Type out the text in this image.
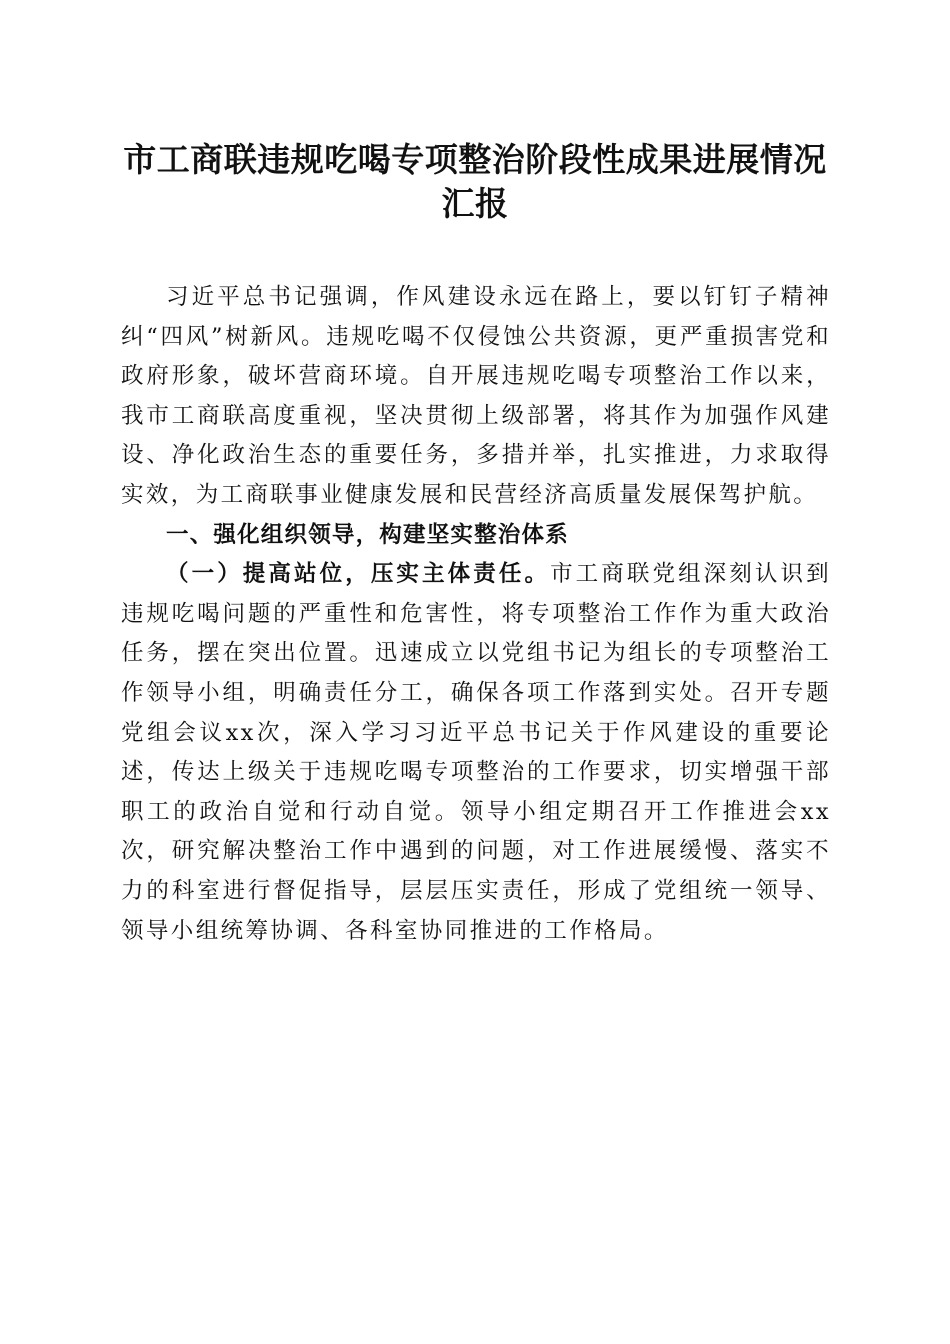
市工商联违规吃喝专项整治阶段性成果进展情况汇报

习近平总书记强调，作风建设永远在路上，要以钉钉子精神纠“四风”树新风。违规吃喝不仅侵蚀公共资源，更严重损害党和政府形象，破坏营商环境。自开展违规吃喝专项整治工作以来，我市工商联高度重视，坚决贯彻上级部署，将其作为加强作风建设、净化政治生态的重要任务，多措并举，扎实推进，力求取得实效，为工商联事业健康发展和民营经济高质量发展保驾护航。

一、强化组织领导，构建坚实整治体系

（一）提高站位，压实主体责任。市工商联党组深刻认识到违规吃喝问题的严重性和危害性，将专项整治工作作为重大政治任务，摆在突出位置。迅速成立以党组书记为组长的专项整治工作领导小组，明确责任分工，确保各项工作落到实处。召开专题党组会议xx次，深入学习习近平总书记关于作风建设的重要论述，传达上级关于违规吃喝专项整治的工作要求，切实增强干部职工的政治自觉和行动自觉。领导小组定期召开工作推进会xx次，研究解决整治工作中遇到的问题，对工作进展缓慢、落实不力的科室进行督促指导，层层压实责任，形成了党组统一领导、领导小组统筹协调、各科室协同推进的工作格局。
